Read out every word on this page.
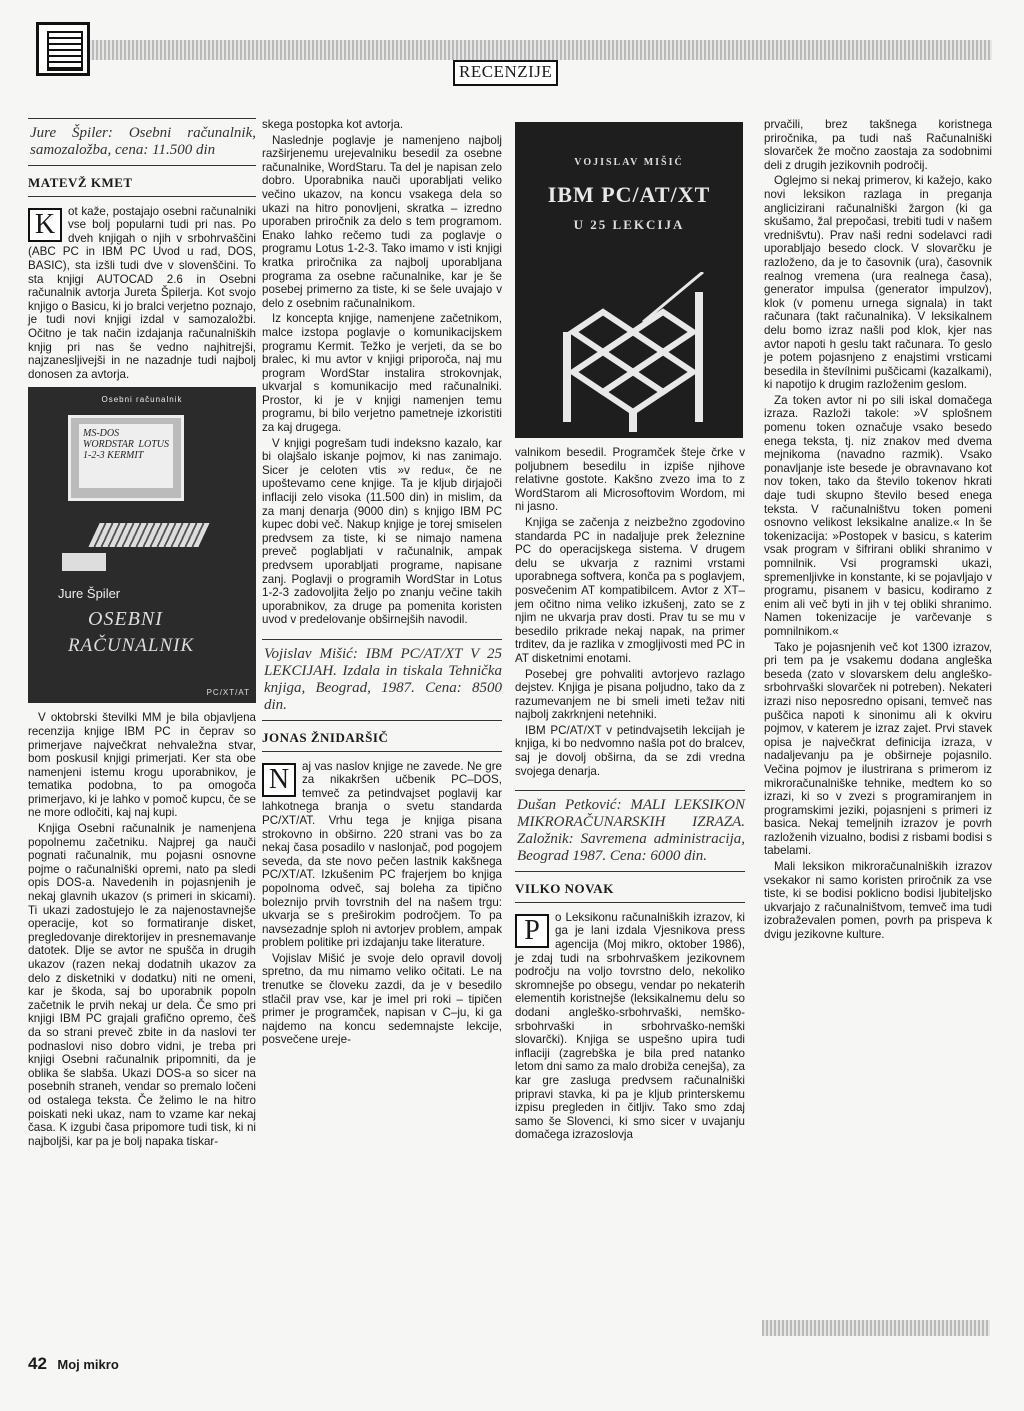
RECENZIJE
Jure Špiler: Osebni računalnik, samozaložba, cena: 11.500 din
MATEVŽ KMET

K	ot kaže, postajajo osebni računalniki vse bolj popularni tudi pri nas. Po dveh knjigah o njih v srbohrvaščini (ABC PC in IBM PC Uvod u rad, DOS, BASIC), sta izšli tudi dve v slovenščini. To sta knjigi AUTOCAD 2.6 in Osebni računalnik avtorja Jureta Špilerja. Kot svojo knjigo o Basicu, ki jo bralci verjetno poznajo, je tudi novi knjigi izdal v samozaložbi. Očitno je tak način izdajanja računalniških knjig pri nas še vedno najhitrejši, najzanesljivejši in ne nazadnje tudi najbolj donosen za avtorja.

Osebni računalnik
MS-DOS WORDSTAR LOTUS 1-2-3 KERMIT
Jure Špiler
OSEBNI
RAČUNALNIK
PC/XT/AT

V oktobrski številki MM je bila objavljena recenzija knjige IBM PC in čeprav so primerjave največkrat nehvaležna stvar, bom poskusil knjigi primerjati. Ker sta obe namenjeni istemu krogu uporabnikov, je tematika podobna, to pa omogoča primerjavo, ki je lahko v pomoč kupcu, če se ne more odločiti, kaj naj kupi.

Knjiga Osebni računalnik je namenjena popolnemu začetniku. Najprej ga nauči pognati računalnik, mu pojasni osnovne pojme o računalniški opremi, nato pa sledi opis DOS-a. Navedenih in pojasnjenih je nekaj glavnih ukazov (s primeri in skicami). Ti ukazi zadostujejo le za najenostavnejše operacije, kot so formatiranje disket, pregledovanje direktorijev in presnemavanje datotek. Dlje se avtor ne spušča in drugih ukazov (razen nekaj dodatnih ukazov za delo z disketniki v dodatku) niti ne omeni, kar je škoda, saj bo uporabnik popoln začetnik le prvih nekaj ur dela. Če smo pri knjigi IBM PC grajali grafično opremo, češ da so strani preveč zbite in da naslovi ter podnaslovi niso dobro vidni, je treba pri knjigi Osebni računalnik pripomniti, da je oblika še slabša. Ukazi DOS-a so sicer na posebnih straneh, vendar so premalo ločeni od ostalega teksta. Če želimo le na hitro poiskati neki ukaz, nam to vzame kar nekaj časa. K izgubi časa pripomore tudi tisk, ki ni najboljši, kar pa je bolj napaka tiskar-

skega postopka kot avtorja.

Naslednje poglavje je namenjeno najbolj razširjenemu urejevalniku besedil za osebne računalnike, WordStaru. Ta del je napisan zelo dobro. Uporabnika nauči uporabljati veliko večino ukazov, na koncu vsakega dela so ukazi na hitro ponovljeni, skratka – izredno uporaben priročnik za delo s tem programom. Enako lahko rečemo tudi za poglavje o programu Lotus 1-2-3. Tako imamo v isti knjigi kratka priročnika za najbolj uporabljana programa za osebne računalnike, kar je še posebej primerno za tiste, ki se šele uvajajo v delo z osebnim računalnikom.

Iz koncepta knjige, namenjene začetnikom, malce izstopa poglavje o komunikacijskem programu Kermit. Težko je verjeti, da se bo bralec, ki mu avtor v knjigi priporoča, naj mu program WordStar instalira strokovnjak, ukvarjal s komunikacijo med računalniki. Prostor, ki je v knjigi namenjen temu programu, bi bilo verjetno pametneje izkoristiti za kaj drugega.

V knjigi pogrešam tudi indeksno kazalo, kar bi olajšalo iskanje pojmov, ki nas zanimajo. Sicer je celoten vtis »v redu«, če ne upoštevamo cene knjige. Ta je kljub dirjajoči inflaciji zelo visoka (11.500 din) in mislim, da za manj denarja (9000 din) s knjigo IBM PC kupec dobi več. Nakup knjige je torej smiselen predvsem za tiste, ki se nimajo namena preveč poglabljati v računalnik, ampak predvsem uporabljati programe, napisane zanj. Poglavji o programih WordStar in Lotus 1-2-3 zadovoljita željo po znanju večine takih uporabnikov, za druge pa pomenita koristen uvod v predelovanje obširnejših navodil.

Vojislav Mišić: IBM PC/AT/XT V 25 LEKCIJAH. Izdala in tiskala Tehnička knjiga, Beograd, 1987. Cena: 8500 din.
JONAS ŽNIDARŠIČ

N	aj vas naslov knjige ne zavede. Ne gre za nikakršen učbenik PC–DOS, temveč za petindvajset poglavij kar lahkotnega branja o svetu standarda PC/XT/AT. Vrhu tega je knjiga pisana strokovno in obširno. 220 strani vas bo za nekaj časa posadilo v naslonjač, pod pogojem seveda, da ste novo pečen lastnik kakšnega PC/XT/AT. Izkušenim PC frajerjem bo knjiga popolnoma odveč, saj boleha za tipično boleznijo prvih tovrstnih del na našem trgu: ukvarja se s preširokim področjem. To pa navsezadnje sploh ni avtorjev problem, ampak problem politike pri izdajanju take literature.

Vojislav Mišić je svoje delo opravil dovolj spretno, da mu nimamo veliko očitati. Le na trenutke se človeku zazdi, da je v besedilo stlačil prav vse, kar je imel pri roki – tipičen primer je programček, napisan v C–ju, ki ga najdemo na koncu sedemnajste lekcije, posvečene ureje-

VOJISLAV MIŠIĆ
IBM PC/AT/XT
U 25 LEKCIJA

valnikom besedil. Programček šteje črke v poljubnem besedilu in izpiše njihove relativne gostote. Kakšno zvezo ima to z WordStarom ali Microsoftovim Wordom, mi ni jasno.

Knjiga se začenja z neizbežno zgodovino standarda PC in nadaljuje prek železnine PC do operacijskega sistema. V drugem delu se ukvarja z raznimi vrstami uporabnega softvera, konča pa s poglavjem, posvečenim AT kompatibilcem. Avtor z XT–jem očitno nima veliko izkušenj, zato se z njim ne ukvarja prav dosti. Prav tu se mu v besedilo prikrade nekaj napak, na primer trditev, da je razlika v zmogljivosti med PC in AT disketnimi enotami.

Posebej gre pohvaliti avtorjevo razlago dejstev. Knjiga je pisana poljudno, tako da z razumevanjem ne bi smeli imeti težav niti najbolj zakrknjeni netehniki.

IBM PC/AT/XT v petindvajsetih lekcijah je knjiga, ki bo nedvomno našla pot do bralcev, saj je dovolj obširna, da se zdi vredna svojega denarja.

Dušan Petković: MALI LEKSIKON MIKRORAČUNARSKIH IZRAZA. Založnik: Savremena administracija, Beograd 1987. Cena: 6000 din.
VILKO NOVAK

P	o Leksikonu računalniških izrazov, ki ga je lani izdala Vjesnikova press agencija (Moj mikro, oktober 1986), je zdaj tudi na srbohrvaškem jezikovnem področju na voljo tovrstno delo, nekoliko skromnejše po obsegu, vendar po nekaterih elementih koristnejše (leksikalnemu delu so dodani angleško-srbohrvaški, nemško-srbohrvaški in srbohrvaško-nemški slovarčki). Knjiga se uspešno upira tudi inflaciji (zagrebška je bila pred natanko letom dni samo za malo drobiža cenejša), za kar gre zasluga predvsem računalniški pripravi stavka, ki pa je kljub printerskemu izpisu pregleden in čitljiv. Tako smo zdaj samo še Slovenci, ki smo sicer v uvajanju domačega izrazoslovja

prvačili, brez takšnega koristnega priročnika, pa tudi naš Računalniški slovarček že močno zaostaja za sodobnimi deli z drugih jezikovnih področij.

Oglejmo si nekaj primerov, ki kažejo, kako novi leksikon razlaga in preganja anglicizirani računalniški žargon (ki ga skušamo, žal prepočasi, trebiti tudi v našem vrednišvtu). Prav naši redni sodelavci radi uporabljajo besedo clock. V slovarčku je razloženo, da je to časovnik (ura), časovnik realnog vremena (ura realnega časa), generator impulsa (generator impulzov), klok (v pomenu urnega signala) in takt računara (takt računalnika). V leksikalnem delu bomo izraz našli pod klok, kjer nas avtor napoti h geslu takt računara. To geslo je potem pojasnjeno z enajstimi vrsticami besedila in števílnimi puščicami (kazalkami), ki napotijo k drugim razloženim geslom.

Za token avtor ni po sili iskal domačega izraza. Razloži takole: »V splošnem pomenu token označuje vsako besedo enega teksta, tj. niz znakov med dvema mejnikoma (navadno razmik). Vsako ponavljanje iste besede je obravnavano kot nov token, tako da število tokenov hkrati daje tudi skupno število besed enega teksta. V računalništvu token pomeni osnovno velikost leksikalne analize.« In še tokenizacija: »Postopek v basicu, s katerim vsak program v šifrirani obliki shranimo v pomnilnik. Vsi programski ukazi, spremenljivke in konstante, ki se pojavljajo v programu, pisanem v basicu, kodiramo z enim ali več byti in jih v tej obliki shranimo. Namen tokenizacije je varčevanje s pomnilnikom.«

Tako je pojasnjenih več kot 1300 izrazov, pri tem pa je vsakemu dodana angleška beseda (zato v slovarskem delu angleško-srbohrvaški slovarček ni potreben). Nekateri izrazi niso neposredno opisani, temveč nas puščica napoti k sinonimu ali k okviru pojmov, v katerem je izraz zajet. Prvi stavek opisa je največkrat definicija izraza, v nadaljevanju pa je obširneje pojasnilo. Večina pojmov je ilustrirana s primerom iz mikroračunalniške tehnike, medtem ko so izrazi, ki so v zvezi s programiranjem in programskimi jeziki, pojasnjeni s primeri iz basica. Nekaj temeljnih izrazov je povrh razloženih vizualno, bodisi z risbami bodisi s tabelami.

Mali leksikon mikroračunalniških izrazov vsekakor ni samo koristen priročnik za vse tiste, ki se bodisi poklicno bodisi ljubiteljsko ukvarjajo z računalništvom, temveč ima tudi izobraževalen pomen, povrh pa prispeva k dvigu jezikovne kulture.

42 Moj mikro
